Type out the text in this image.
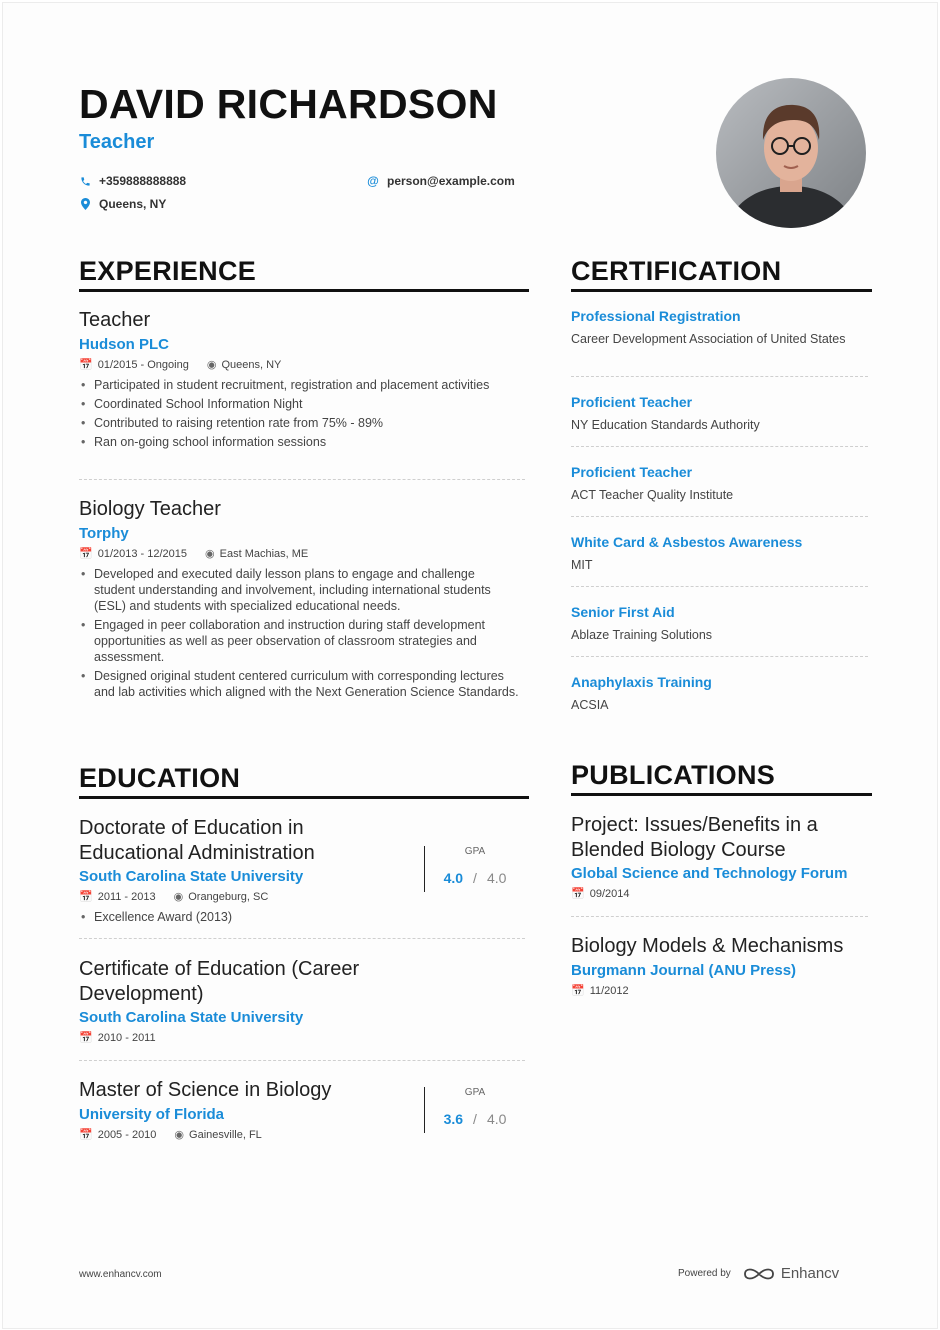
DAVID RICHARDSON
Teacher
+359888888888	@ person@example.com
Queens, NY
EXPERIENCE
Teacher
Hudson PLC
📅 01/2015 - Ongoing ◉ Queens, NY
• Participated in student recruitment, registration and placement activities
• Coordinated School Information Night
• Contributed to raising retention rate from 75% - 89%
• Ran on-going school information sessions
Biology Teacher
Torphy
📅 01/2013 - 12/2015 ◉ East Machias, ME
• Developed and executed daily lesson plans to engage and challenge student understanding and involvement, including international students (ESL) and students with specialized educational needs.
• Engaged in peer collaboration and instruction during staff development opportunities as well as peer observation of classroom strategies and assessment.
• Designed original student centered curriculum with corresponding lectures and lab activities which aligned with the Next Generation Science Standards.
CERTIFICATION
Professional Registration
Career Development Association of United States
Proficient Teacher
NY Education Standards Authority
Proficient Teacher
ACT Teacher Quality Institute
White Card & Asbestos Awareness
MIT
Senior First Aid
Ablaze Training Solutions
Anaphylaxis Training
ACSIA
EDUCATION
Doctorate of Education in Educational Administration
South Carolina State University
📅 2011 - 2013 ◉ Orangeburg, SC
• Excellence Award (2013)
GPA
4.0 / 4.0
Certificate of Education (Career Development)
South Carolina State University
📅 2010 - 2011
Master of Science in Biology
University of Florida
📅 2005 - 2010 ◉ Gainesville, FL
GPA
3.6 / 4.0
PUBLICATIONS
Project: Issues/Benefits in a Blended Biology Course
Global Science and Technology Forum
📅 09/2014
Biology Models & Mechanisms
Burgmann Journal (ANU Press)
📅 11/2012
www.enhancv.com	Powered by	Enhancv
